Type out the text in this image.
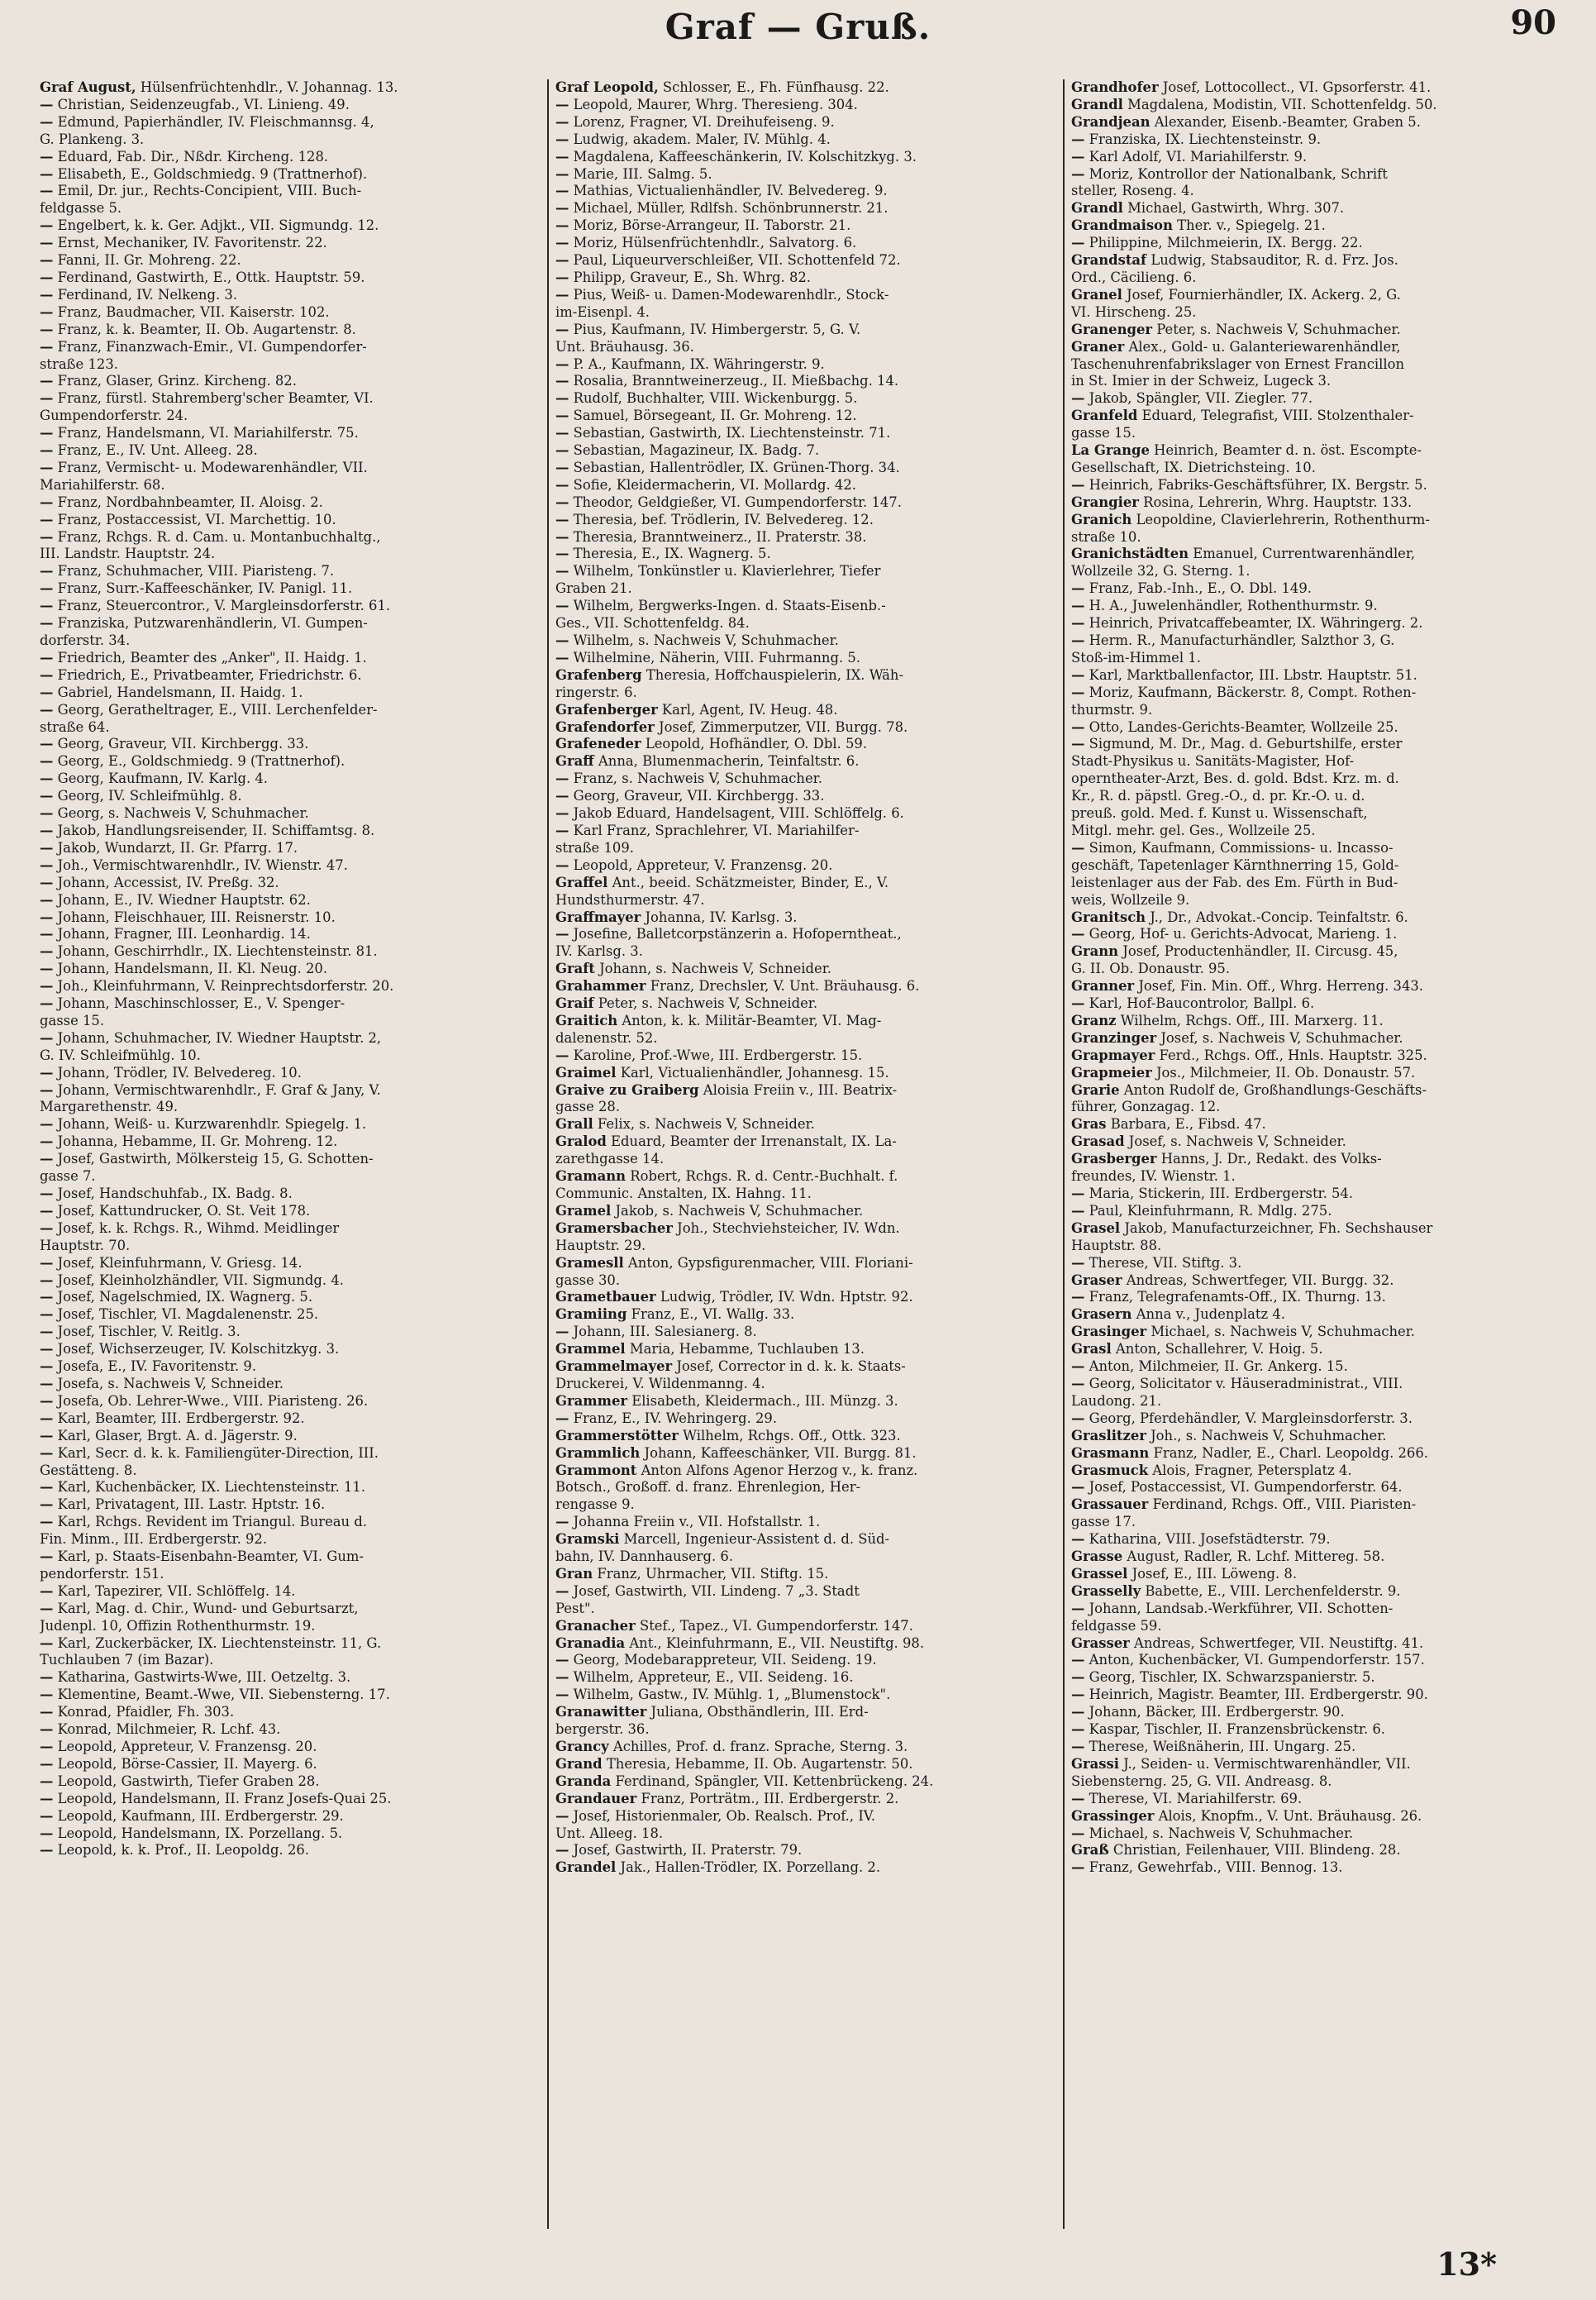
Graf — Gruß.	90
Graf August, Hülsenfrüchtenhdlr., V. Johannag. 13.
— Christian, Seidenzeugfab., VI. Linieng. 49.
— Edmund, Papierhändler, IV. Fleischmannsg. 4,
G. Plankeng. 3.
— Eduard, Fab. Dir., Nßdr. Kircheng. 128.
— Elisabeth, E., Goldschmiedg. 9 (Trattnerhof).
— Emil, Dr. jur., Rechts-Concipient, VIII. Buch-
feldgasse 5.
— Engelbert, k. k. Ger. Adjkt., VII. Sigmundg. 12.
— Ernst, Mechaniker, IV. Favoritenstr. 22.
— Fanni, II. Gr. Mohreng. 22.
— Ferdinand, Gastwirth, E., Ottk. Hauptstr. 59.
— Ferdinand, IV. Nelkeng. 3.
— Franz, Baudmacher, VII. Kaiserstr. 102.
— Franz, k. k. Beamter, II. Ob. Augartenstr. 8.
— Franz, Finanzwach-Emir., VI. Gumpendorfer-
straße 123.
— Franz, Glaser, Grinz. Kircheng. 82.
— Franz, fürstl. Stahremberg'scher Beamter, VI.
Gumpendorferstr. 24.
— Franz, Handelsmann, VI. Mariahilferstr. 75.
— Franz, E., IV. Unt. Alleeg. 28.
— Franz, Vermischt- u. Modewarenhändler, VII.
Mariahilferstr. 68.
— Franz, Nordbahnbeamter, II. Aloisg. 2.
— Franz, Postaccessist, VI. Marchettig. 10.
— Franz, Rchgs. R. d. Cam. u. Montanbuchhaltg.,
III. Landstr. Hauptstr. 24.
— Franz, Schuhmacher, VIII. Piaristeng. 7.
— Franz, Surr.-Kaffeeschänker, IV. Panigl. 11.
— Franz, Steuercontror., V. Margleinsdorferstr. 61.
— Franziska, Putzwarenhändlerin, VI. Gumpen-
dorferstr. 34.
— Friedrich, Beamter des „Anker", II. Haidg. 1.
— Friedrich, E., Privatbeamter, Friedrichstr. 6.
— Gabriel, Handelsmann, II. Haidg. 1.
— Georg, Geratheltrager, E., VIII. Lerchenfelder-
straße 64.
— Georg, Graveur, VII. Kirchbergg. 33.
— Georg, E., Goldschmiedg. 9 (Trattnerhof).
— Georg, Kaufmann, IV. Karlg. 4.
— Georg, IV. Schleifmühlg. 8.
— Georg, s. Nachweis V, Schuhmacher.
— Jakob, Handlungsreisender, II. Schiffamtsg. 8.
— Jakob, Wundarzt, II. Gr. Pfarrg. 17.
— Joh., Vermischtwarenhdlr., IV. Wienstr. 47.
— Johann, Accessist, IV. Preßg. 32.
— Johann, E., IV. Wiedner Hauptstr. 62.
— Johann, Fleischhauer, III. Reisnerstr. 10.
— Johann, Fragner, III. Leonhardig. 14.
— Johann, Geschirrhdlr., IX. Liechtensteinstr. 81.
— Johann, Handelsmann, II. Kl. Neug. 20.
— Joh., Kleinfuhrmann, V. Reinprechtsdorferstr. 20.
— Johann, Maschinschlosser, E., V. Spenger-
gasse 15.
— Johann, Schuhmacher, IV. Wiedner Hauptstr. 2,
G. IV. Schleifmühlg. 10.
— Johann, Trödler, IV. Belvedereg. 10.
— Johann, Vermischtwarenhdlr., F. Graf & Jany, V.
Margarethenstr. 49.
— Johann, Weiß- u. Kurzwarenhdlr. Spiegelg. 1.
— Johanna, Hebamme, II. Gr. Mohreng. 12.
— Josef, Gastwirth, Mölkersteig 15, G. Schotten-
gasse 7.
— Josef, Handschuhfab., IX. Badg. 8.
— Josef, Kattundrucker, O. St. Veit 178.
— Josef, k. k. Rchgs. R., Wihmd. Meidlinger
Hauptstr. 70.
— Josef, Kleinfuhrmann, V. Griesg. 14.
— Josef, Kleinholzhändler, VII. Sigmundg. 4.
— Josef, Nagelschmied, IX. Wagnerg. 5.
— Josef, Tischler, VI. Magdalenenstr. 25.
— Josef, Tischler, V. Reitlg. 3.
— Josef, Wichserzeuger, IV. Kolschitzkyg. 3.
— Josefa, E., IV. Favoritenstr. 9.
— Josefa, s. Nachweis V, Schneider.
— Josefa, Ob. Lehrer-Wwe., VIII. Piaristeng. 26.
— Karl, Beamter, III. Erdbergerstr. 92.
— Karl, Glaser, Brgt. A. d. Jägerstr. 9.
— Karl, Secr. d. k. k. Familiengüter-Direction, III.
Gestätteng. 8.
— Karl, Kuchenbäcker, IX. Liechtensteinstr. 11.
— Karl, Privatagent, III. Lastr. Hptstr. 16.
— Karl, Rchgs. Revident im Triangul. Bureau d.
Fin. Minm., III. Erdbergerstr. 92.
— Karl, p. Staats-Eisenbahn-Beamter, VI. Gum-
pendorferstr. 151.
— Karl, Tapezirer, VII. Schlöffelg. 14.
— Karl, Mag. d. Chir., Wund- und Geburtsarzt,
Judenpl. 10, Offizin Rothenthurmstr. 19.
— Karl, Zuckerbäcker, IX. Liechtensteinstr. 11, G.
Tuchlauben 7 (im Bazar).
— Katharina, Gastwirts-Wwe, III. Oetzeltg. 3.
— Klementine, Beamt.-Wwe, VII. Siebensterng. 17.
— Konrad, Pfaidler, Fh. 303.
— Konrad, Milchmeier, R. Lchf. 43.
— Leopold, Appreteur, V. Franzensg. 20.
— Leopold, Börse-Cassier, II. Mayerg. 6.
— Leopold, Gastwirth, Tiefer Graben 28.
— Leopold, Handelsmann, II. Franz Josefs-Quai 25.
— Leopold, Kaufmann, III. Erdbergerstr. 29.
— Leopold, Handelsmann, IX. Porzellang. 5.
— Leopold, k. k. Prof., II. Leopoldg. 26.
Graf Leopold, Schlosser, E., Fh. Fünfhausg. 22.
— Leopold, Maurer, Whrg. Theresieng. 304.
— Lorenz, Fragner, VI. Dreihufeiseng. 9.
— Ludwig, akadem. Maler, IV. Mühlg. 4.
— Magdalena, Kaffeeschänkerin, IV. Kolschitzkyg. 3.
— Marie, III. Salmg. 5.
— Mathias, Victualienhändler, IV. Belvedereg. 9.
— Michael, Müller, Rdlfsh. Schönbrunnerstr. 21.
— Moriz, Börse-Arrangeur, II. Taborstr. 21.
— Moriz, Hülsenfrüchtenhdlr., Salvatorg. 6.
— Paul, Liqueurverschleißer, VII. Schottenfeld 72.
— Philipp, Graveur, E., Sh. Whrg. 82.
— Pius, Weiß- u. Damen-Modewarenhdlr., Stock-
im-Eisenpl. 4.
— Pius, Kaufmann, IV. Himbergerstr. 5, G. V.
Unt. Bräuhausg. 36.
— P. A., Kaufmann, IX. Währingerstr. 9.
— Rosalia, Branntweinerzeug., II. Mießbachg. 14.
— Rudolf, Buchhalter, VIII. Wickenburgg. 5.
— Samuel, Börsegeant, II. Gr. Mohreng. 12.
— Sebastian, Gastwirth, IX. Liechtensteinstr. 71.
— Sebastian, Magazineur, IX. Badg. 7.
— Sebastian, Hallentrödler, IX. Grünen-Thorg. 34.
— Sofie, Kleidermacherin, VI. Mollardg. 42.
— Theodor, Geldgießer, VI. Gumpendorferstr. 147.
— Theresia, bef. Trödlerin, IV. Belvedereg. 12.
— Theresia, Branntweinerz., II. Praterstr. 38.
— Theresia, E., IX. Wagnerg. 5.
— Wilhelm, Tonkünstler u. Klavierlehrer, Tiefer
Graben 21.
— Wilhelm, Bergwerks-Ingen. d. Staats-Eisenb.-
Ges., VII. Schottenfeldg. 84.
— Wilhelm, s. Nachweis V, Schuhmacher.
— Wilhelmine, Näherin, VIII. Fuhrmanng. 5.
Grafenberg Theresia, Hoffchauspielerin, IX. Wäh-
ringerstr. 6.
Grafenberger Karl, Agent, IV. Heug. 48.
Grafendorfer Josef, Zimmerputzer, VII. Burgg. 78.
Grafeneder Leopold, Hofhändler, O. Dbl. 59.
Graff Anna, Blumenmacherin, Teinfaltstr. 6.
— Franz, s. Nachweis V, Schuhmacher.
— Georg, Graveur, VII. Kirchbergg. 33.
— Jakob Eduard, Handelsagent, VIII. Schlöffelg. 6.
— Karl Franz, Sprachlehrer, VI. Mariahilfer-
straße 109.
— Leopold, Appreteur, V. Franzensg. 20.
Graffel Ant., beeid. Schätzmeister, Binder, E., V.
Hundsthurmerstr. 47.
Graffmayer Johanna, IV. Karlsg. 3.
— Josefine, Balletcorpstänzerin a. Hofoperntheat.,
IV. Karlsg. 3.
Graft Johann, s. Nachweis V, Schneider.
Grahammer Franz, Drechsler, V. Unt. Bräuhausg. 6.
Graif Peter, s. Nachweis V, Schneider.
Graitich Anton, k. k. Militär-Beamter, VI. Mag-
dalenenstr. 52.
— Karoline, Prof.-Wwe, III. Erdbergerstr. 15.
Graimel Karl, Victualienhändler, Johannesg. 15.
Graive zu Graiberg Aloisia Freiin v., III. Beatrix-
gasse 28.
Grall Felix, s. Nachweis V, Schneider.
Gralod Eduard, Beamter der Irrenanstalt, IX. La-
zarethgasse 14.
Gramann Robert, Rchgs. R. d. Centr.-Buchhalt. f.
Communic. Anstalten, IX. Hahng. 11.
Gramel Jakob, s. Nachweis V, Schuhmacher.
Gramersbacher Joh., Stechviehsteicher, IV. Wdn.
Hauptstr. 29.
Gramesll Anton, Gypsfigurenmacher, VIII. Floriani-
gasse 30.
Grametbauer Ludwig, Trödler, IV. Wdn. Hptstr. 92.
Gramiing Franz, E., VI. Wallg. 33.
— Johann, III. Salesianerg. 8.
Grammel Maria, Hebamme, Tuchlauben 13.
Grammelmayer Josef, Corrector in d. k. k. Staats-
Druckerei, V. Wildenmanng. 4.
Grammer Elisabeth, Kleidermach., III. Münzg. 3.
— Franz, E., IV. Wehringerg. 29.
Grammerstötter Wilhelm, Rchgs. Off., Ottk. 323.
Grammlich Johann, Kaffeeschänker, VII. Burgg. 81.
Grammont Anton Alfons Agenor Herzog v., k. franz.
Botsch., Großoff. d. franz. Ehrenlegion, Her-
rengasse 9.
— Johanna Freiin v., VII. Hofstallstr. 1.
Gramski Marcell, Ingenieur-Assistent d. d. Süd-
bahn, IV. Dannhauserg. 6.
Gran Franz, Uhrmacher, VII. Stiftg. 15.
— Josef, Gastwirth, VII. Lindeng. 7 „3. Stadt
Pest".
Granacher Stef., Tapez., VI. Gumpendorferstr. 147.
Granadia Ant., Kleinfuhrmann, E., VII. Neustiftg. 98.
— Georg, Modebarappreteur, VII. Seideng. 19.
— Wilhelm, Appreteur, E., VII. Seideng. 16.
— Wilhelm, Gastw., IV. Mühlg. 1, „Blumenstock".
Granawitter Juliana, Obsthändlerin, III. Erd-
bergerstr. 36.
Grancy Achilles, Prof. d. franz. Sprache, Sterng. 3.
Grand Theresia, Hebamme, II. Ob. Augartenstr. 50.
Granda Ferdinand, Spängler, VII. Kettenbrückeng. 24.
Grandauer Franz, Porträtm., III. Erdbergerstr. 2.
— Josef, Historienmaler, Ob. Realsch. Prof., IV.
Unt. Alleeg. 18.
— Josef, Gastwirth, II. Praterstr. 79.
Grandel Jak., Hallen-Trödler, IX. Porzellang. 2.
Grandhofer Josef, Lottocollect., VI. Gpsorferstr. 41.
Grandl Magdalena, Modistin, VII. Schottenfeldg. 50.
Grandjean Alexander, Eisenb.-Beamter, Graben 5.
— Franziska, IX. Liechtensteinstr. 9.
— Karl Adolf, VI. Mariahilferstr. 9.
— Moriz, Kontrollor der Nationalbank, Schrift
steller, Roseng. 4.
Grandl Michael, Gastwirth, Whrg. 307.
Grandmaison Ther. v., Spiegelg. 21.
— Philippine, Milchmeierin, IX. Bergg. 22.
Grandstaf Ludwig, Stabsauditor, R. d. Frz. Jos.
Ord., Cäcilieng. 6.
Granel Josef, Fournierhändler, IX. Ackerg. 2, G.
VI. Hirscheng. 25.
Granenger Peter, s. Nachweis V, Schuhmacher.
Graner Alex., Gold- u. Galanteriewarenhändler,
Taschenuhrenfabrikslager von Ernest Francillon
in St. Imier in der Schweiz, Lugeck 3.
— Jakob, Spängler, VII. Ziegler. 77.
Granfeld Eduard, Telegrafist, VIII. Stolzenthaler-
gasse 15.
La Grange Heinrich, Beamter d. n. öst. Escompte-
Gesellschaft, IX. Dietrichsteing. 10.
— Heinrich, Fabriks-Geschäftsführer, IX. Bergstr. 5.
Grangier Rosina, Lehrerin, Whrg. Hauptstr. 133.
Granich Leopoldine, Clavierlehrerin, Rothenthurm-
straße 10.
Granichstädten Emanuel, Currentwarenhändler,
Wollzeile 32, G. Sterng. 1.
— Franz, Fab.-Inh., E., O. Dbl. 149.
— H. A., Juwelenhändler, Rothenthurmstr. 9.
— Heinrich, Privatcaffebeamter, IX. Währingerg. 2.
— Herm. R., Manufacturhändler, Salzthor 3, G.
Stoß-im-Himmel 1.
— Karl, Marktballenfactor, III. Lbstr. Hauptstr. 51.
— Moriz, Kaufmann, Bäckerstr. 8, Compt. Rothen-
thurmstr. 9.
— Otto, Landes-Gerichts-Beamter, Wollzeile 25.
— Sigmund, M. Dr., Mag. d. Geburtshilfe, erster
Stadt-Physikus u. Sanitäts-Magister, Hof-
operntheater-Arzt, Bes. d. gold. Bdst. Krz. m. d.
Kr., R. d. päpstl. Greg.-O., d. pr. Kr.-O. u. d.
preuß. gold. Med. f. Kunst u. Wissenschaft,
Mitgl. mehr. gel. Ges., Wollzeile 25.
— Simon, Kaufmann, Commissions- u. Incasso-
geschäft, Tapetenlager Kärnthnerring 15, Gold-
leistenlager aus der Fab. des Em. Fürth in Bud-
weis, Wollzeile 9.
Granitsch J., Dr., Advokat.-Concip. Teinfaltstr. 6.
— Georg, Hof- u. Gerichts-Advocat, Marieng. 1.
Grann Josef, Productenhändler, II. Circusg. 45,
G. II. Ob. Donaustr. 95.
Granner Josef, Fin. Min. Off., Whrg. Herreng. 343.
— Karl, Hof-Baucontrolor, Ballpl. 6.
Granz Wilhelm, Rchgs. Off., III. Marxerg. 11.
Granzinger Josef, s. Nachweis V, Schuhmacher.
Grapmayer Ferd., Rchgs. Off., Hnls. Hauptstr. 325.
Grapmeier Jos., Milchmeier, II. Ob. Donaustr. 57.
Grarie Anton Rudolf de, Großhandlungs-Geschäfts-
führer, Gonzagag. 12.
Gras Barbara, E., Fibsd. 47.
Grasad Josef, s. Nachweis V, Schneider.
Grasberger Hanns, J. Dr., Redakt. des Volks-
freundes, IV. Wienstr. 1.
— Maria, Stickerin, III. Erdbergerstr. 54.
— Paul, Kleinfuhrmann, R. Mdlg. 275.
Grasel Jakob, Manufacturzeichner, Fh. Sechshauser
Hauptstr. 88.
— Therese, VII. Stiftg. 3.
Graser Andreas, Schwertfeger, VII. Burgg. 32.
— Franz, Telegrafenamts-Off., IX. Thurng. 13.
Grasern Anna v., Judenplatz 4.
Grasinger Michael, s. Nachweis V, Schuhmacher.
Grasl Anton, Schallehrer, V. Hoig. 5.
— Anton, Milchmeier, II. Gr. Ankerg. 15.
— Georg, Solicitator v. Häuseradministrat., VIII.
Laudong. 21.
— Georg, Pferdehändler, V. Margleinsdorferstr. 3.
Graslitzer Joh., s. Nachweis V, Schuhmacher.
Grasmann Franz, Nadler, E., Charl. Leopoldg. 266.
Grasmuck Alois, Fragner, Petersplatz 4.
— Josef, Postaccessist, VI. Gumpendorferstr. 64.
Grassauer Ferdinand, Rchgs. Off., VIII. Piaristen-
gasse 17.
— Katharina, VIII. Josefstädterstr. 79.
Grasse August, Radler, R. Lchf. Mittereg. 58.
Grassel Josef, E., III. Löweng. 8.
Grasselly Babette, E., VIII. Lerchenfelderstr. 9.
— Johann, Landsab.-Werkführer, VII. Schotten-
feldgasse 59.
Grasser Andreas, Schwertfeger, VII. Neustiftg. 41.
— Anton, Kuchenbäcker, VI. Gumpendorferstr. 157.
— Georg, Tischler, IX. Schwarzspanierstr. 5.
— Heinrich, Magistr. Beamter, III. Erdbergerstr. 90.
— Johann, Bäcker, III. Erdbergerstr. 90.
— Kaspar, Tischler, II. Franzensbrückenstr. 6.
— Therese, Weißnäherin, III. Ungarg. 25.
Grassi J., Seiden- u. Vermischtwarenhändler, VII.
Siebensterng. 25, G. VII. Andreasg. 8.
— Therese, VI. Mariahilferstr. 69.
Grassinger Alois, Knopfm., V. Unt. Bräuhausg. 26.
— Michael, s. Nachweis V, Schuhmacher.
Graß Christian, Feilenhauer, VIII. Blindeng. 28.
— Franz, Gewehrfab., VIII. Bennog. 13.
13*
